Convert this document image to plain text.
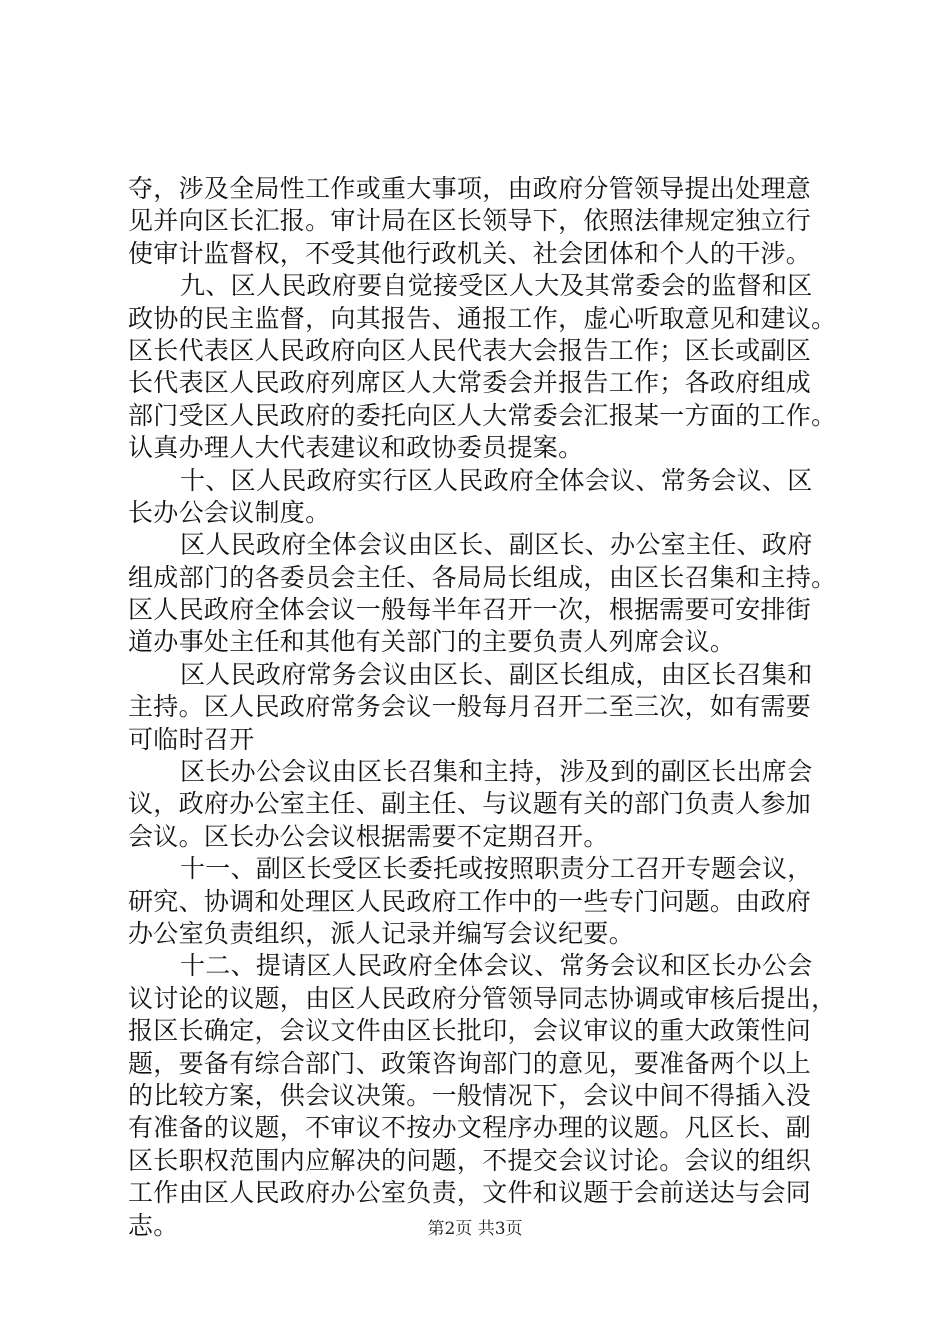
夺，涉及全局性工作或重大事项，由政府分管领导提出处理意
见并向区长汇报。审计局在区长领导下，依照法律规定独立行
使审计监督权，不受其他行政机关、社会团体和个人的干涉。
九、区人民政府要自觉接受区人大及其常委会的监督和区
政协的民主监督，向其报告、通报工作，虚心听取意见和建议。
区长代表区人民政府向区人民代表大会报告工作；区长或副区
长代表区人民政府列席区人大常委会并报告工作；各政府组成
部门受区人民政府的委托向区人大常委会汇报某一方面的工作。
认真办理人大代表建议和政协委员提案。
十、区人民政府实行区人民政府全体会议、常务会议、区
长办公会议制度。
区人民政府全体会议由区长、副区长、办公室主任、政府
组成部门的各委员会主任、各局局长组成，由区长召集和主持。
区人民政府全体会议一般每半年召开一次，根据需要可安排街
道办事处主任和其他有关部门的主要负责人列席会议。
区人民政府常务会议由区长、副区长组成，由区长召集和
主持。区人民政府常务会议一般每月召开二至三次，如有需要
可临时召开
区长办公会议由区长召集和主持，涉及到的副区长出席会
议，政府办公室主任、副主任、与议题有关的部门负责人参加
会议。区长办公会议根据需要不定期召开。
十一、副区长受区长委托或按照职责分工召开专题会议，
研究、协调和处理区人民政府工作中的一些专门问题。由政府
办公室负责组织，派人记录并编写会议纪要。
十二、提请区人民政府全体会议、常务会议和区长办公会
议讨论的议题，由区人民政府分管领导同志协调或审核后提出，
报区长确定，会议文件由区长批印，会议审议的重大政策性问
题，要备有综合部门、政策咨询部门的意见，要准备两个以上
的比较方案，供会议决策。一般情况下，会议中间不得插入没
有准备的议题，不审议不按办文程序办理的议题。凡区长、副
区长职权范围内应解决的问题，不提交会议讨论。会议的组织
工作由区人民政府办公室负责，文件和议题于会前送达与会同
志。	第2页 共3页
